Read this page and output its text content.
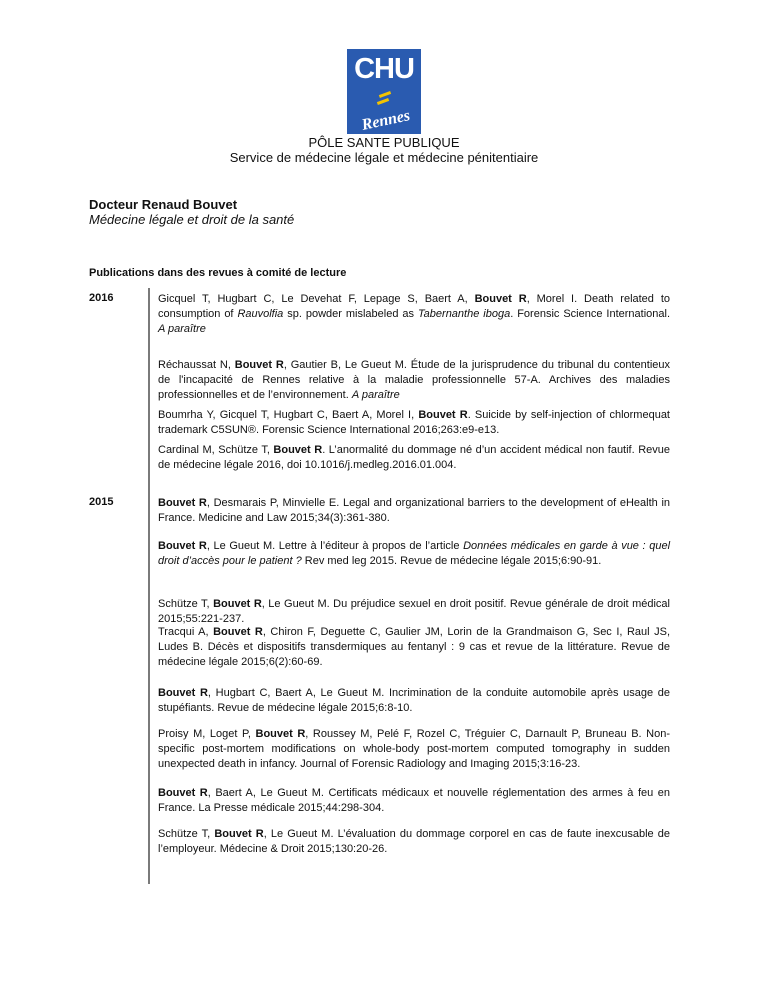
CHU
Rennes
PÔLE SANTE PUBLIQUE
Service de médecine légale et médecine pénitentiaire
Docteur Renaud Bouvet
Médecine légale et droit de la santé
Publications dans des revues à comité de lecture
2016
2015
Gicquel T, Hugbart C, Le Devehat F, Lepage S, Baert A, Bouvet R, Morel I. Death related to consumption of Rauvolfia sp. powder mislabeled as Tabernanthe iboga. Forensic Science International. A paraître
Réchaussat N, Bouvet R, Gautier B, Le Gueut M. Étude de la jurisprudence du tribunal du contentieux de l'incapacité de Rennes relative à la maladie professionnelle 57-A. Archives des maladies professionnelles et de l’environnement. A paraître
Boumrha Y, Gicquel T, Hugbart C, Baert A, Morel I, Bouvet R. Suicide by self-injection of chlormequat trademark C5SUN®. Forensic Science International 2016;263:e9-e13.
Cardinal M, Schütze T, Bouvet R. L’anormalité du dommage né d’un accident médical non fautif. Revue de médecine légale 2016, doi 10.1016/j.medleg.2016.01.004.
Bouvet R, Desmarais P, Minvielle E. Legal and organizational barriers to the development of eHealth in France. Medicine and Law 2015;34(3):361-380.
Bouvet R, Le Gueut M. Lettre à l’éditeur à propos de l’article Données médicales en garde à vue : quel droit d’accès pour le patient ? Rev med leg 2015. Revue de médecine légale 2015;6:90-91.
Schütze T, Bouvet R, Le Gueut M. Du préjudice sexuel en droit positif. Revue générale de droit médical 2015;55:221-237.
Tracqui A, Bouvet R, Chiron F, Deguette C, Gaulier JM, Lorin de la Grandmaison G, Sec I, Raul JS, Ludes B. Décès et dispositifs transdermiques au fentanyl : 9 cas et revue de la littérature. Revue de médecine légale 2015;6(2):60-69.
Bouvet R, Hugbart C, Baert A, Le Gueut M. Incrimination de la conduite automobile après usage de stupéfiants. Revue de médecine légale 2015;6:8-10.
Proisy M, Loget P, Bouvet R, Roussey M, Pelé F, Rozel C, Tréguier C, Darnault P, Bruneau B. Non-specific post-mortem modifications on whole-body post-mortem computed tomography in sudden unexpected death in infancy. Journal of Forensic Radiology and Imaging 2015;3:16-23.
Bouvet R, Baert A, Le Gueut M. Certificats médicaux et nouvelle réglementation des armes à feu en France. La Presse médicale 2015;44:298-304.
Schütze T, Bouvet R, Le Gueut M. L’évaluation du dommage corporel en cas de faute inexcusable de l’employeur. Médecine & Droit 2015;130:20-26.
